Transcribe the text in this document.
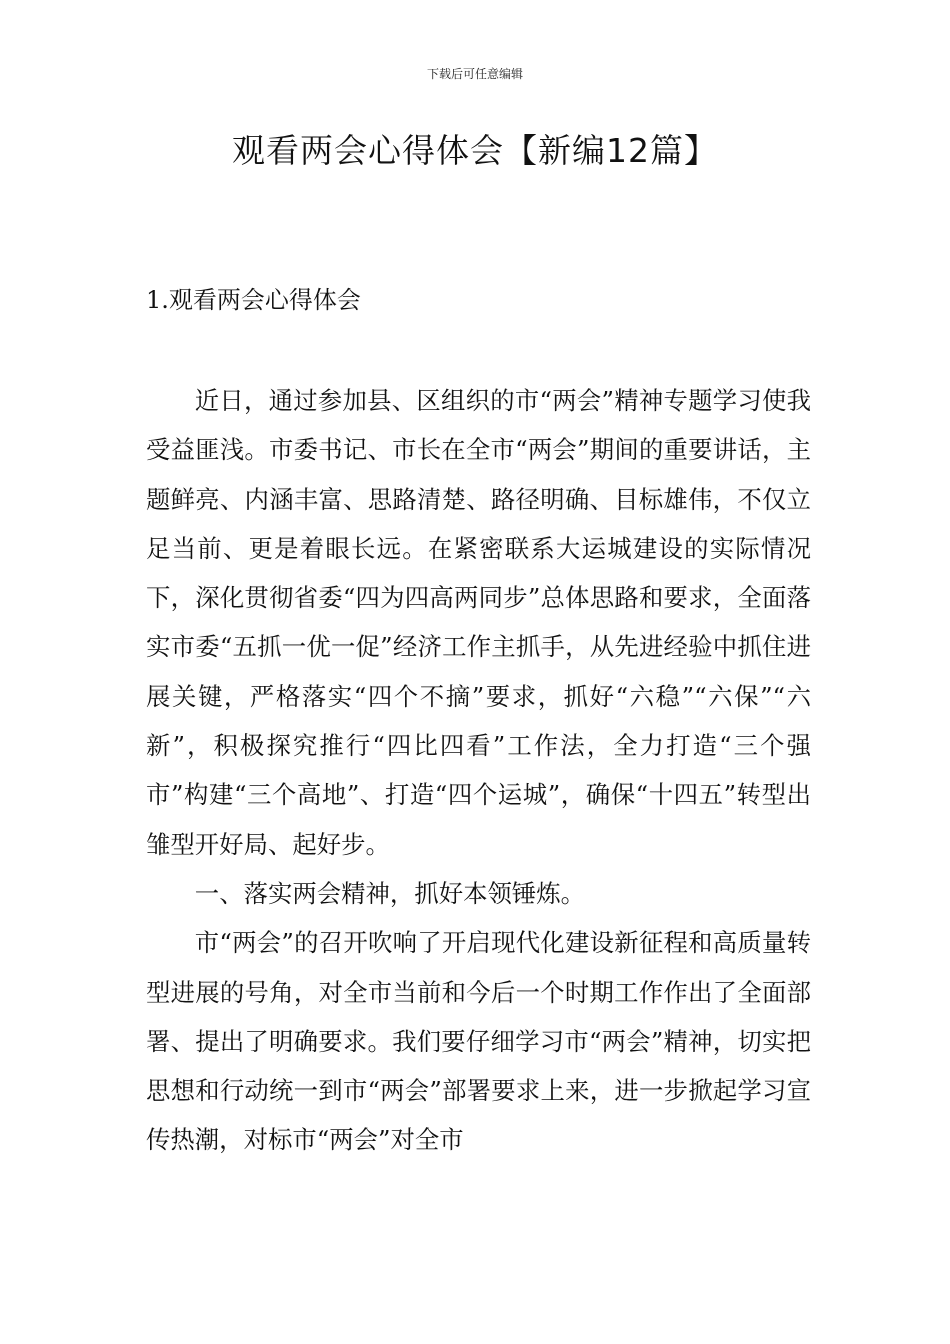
下载后可任意编辑
观看两会心得体会【新编12篇】
1.观看两会心得体会

近日，通过参加县、区组织的市“两会”精神专题学习使我受益匪浅。市委书记、市长在全市“两会”期间的重要讲话，主题鲜亮、内涵丰富、思路清楚、路径明确、目标雄伟，不仅立足当前、更是着眼长远。在紧密联系大运城建设的实际情况下，深化贯彻省委“四为四高两同步”总体思路和要求，全面落实市委“五抓一优一促”经济工作主抓手，从先进经验中抓住进展关键，严格落实“四个不摘”要求，抓好“六稳”“六保”“六新”，积极探究推行“四比四看”工作法，全力打造“三个强市”构建“三个高地”、打造“四个运城”，确保“十四五”转型出雏型开好局、起好步。

一、落实两会精神，抓好本领锤炼。

市“两会”的召开吹响了开启现代化建设新征程和高质量转型进展的号角，对全市当前和今后一个时期工作作出了全面部署、提出了明确要求。我们要仔细学习市“两会”精神，切实把思想和行动统一到市“两会”部署要求上来，进一步掀起学习宣传热潮，对标市“两会”对全市
